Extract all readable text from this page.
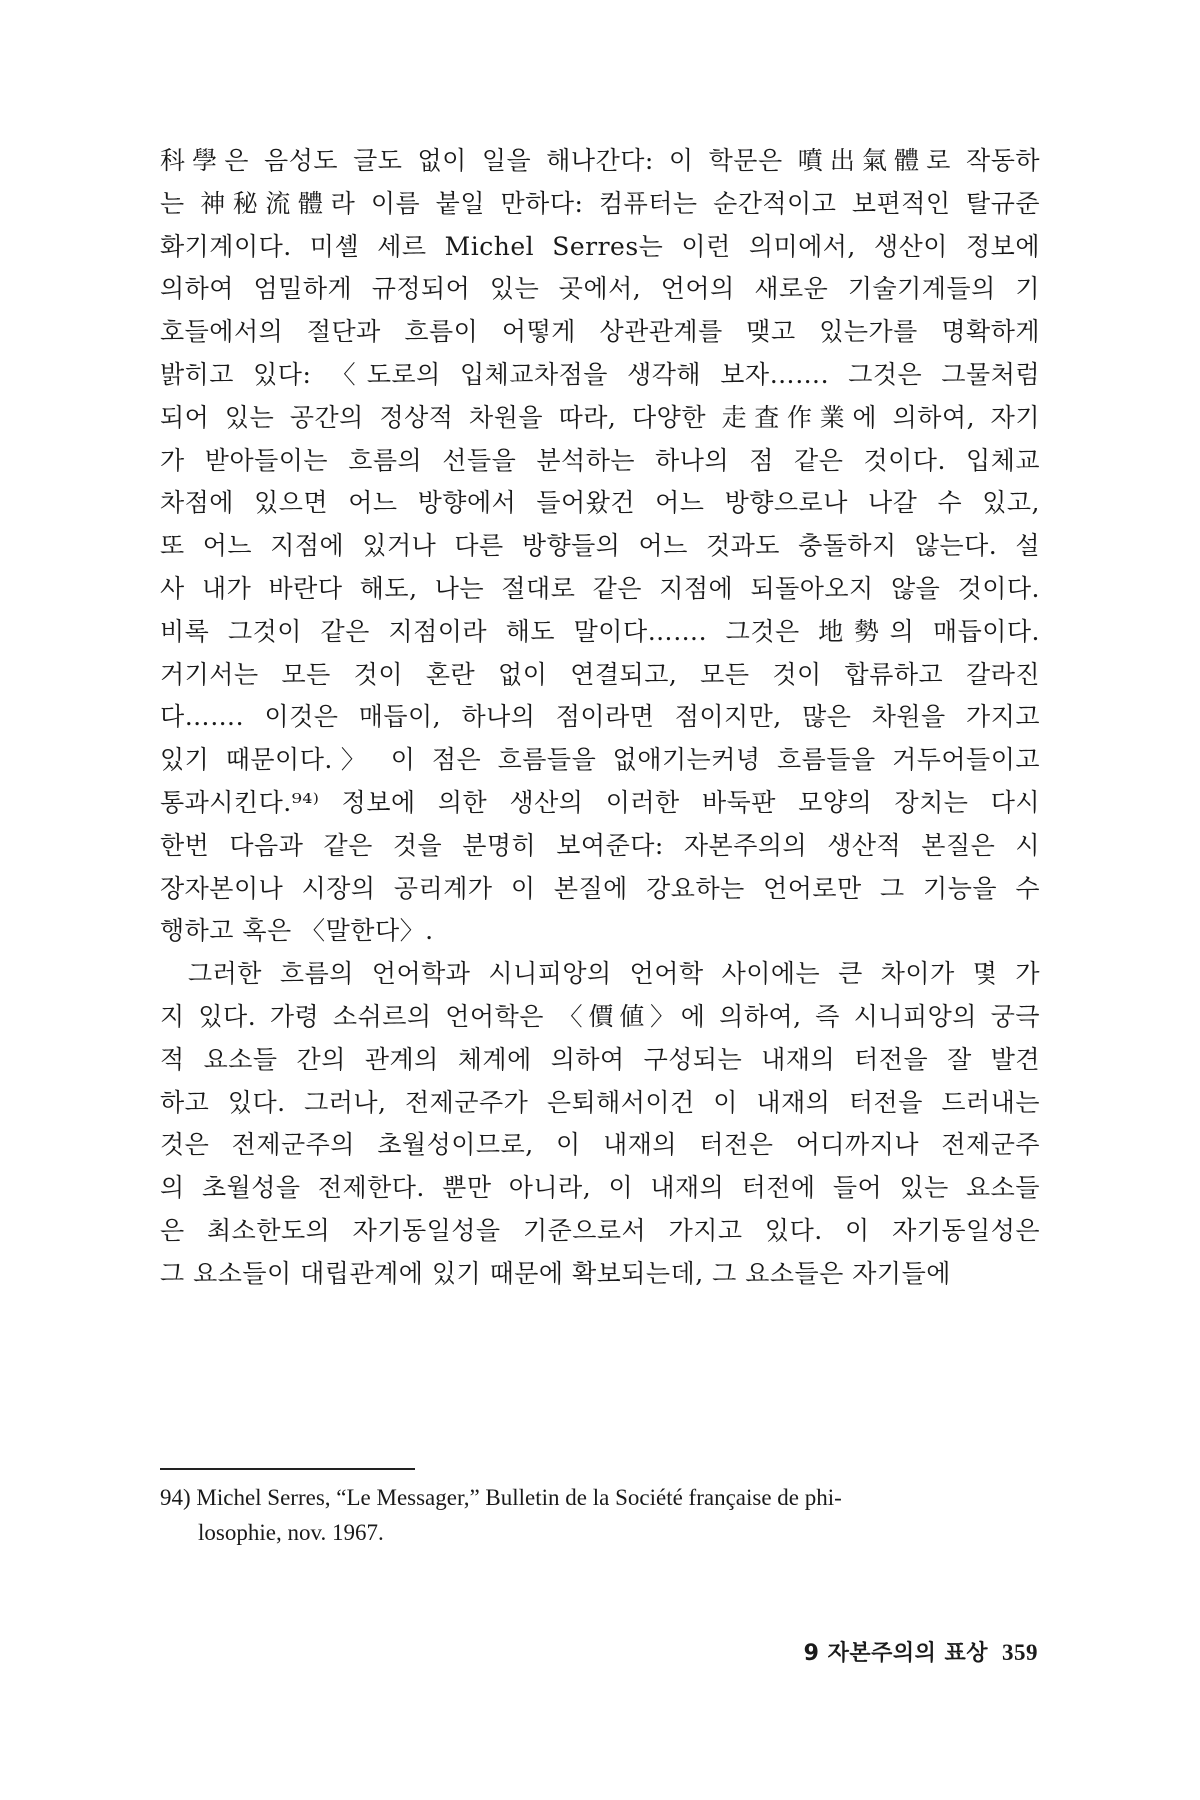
科學은 음성도 글도 없이 일을 해나간다: 이 학문은 噴出氣體로 작동하
는 神秘流體라 이름 붙일 만하다: 컴퓨터는 순간적이고 보편적인 탈규준
화기계이다. 미셸 세르 Michel Serres는 이런 의미에서, 생산이 정보에
의하여 엄밀하게 규정되어 있는 곳에서, 언어의 새로운 기술기계들의 기
호들에서의 절단과 흐름이 어떻게 상관관계를 맺고 있는가를 명확하게
밝히고 있다: 〈도로의 입체교차점을 생각해 보자……. 그것은 그물처럼
되어 있는 공간의 정상적 차원을 따라, 다양한 走査作業에 의하여, 자기
가 받아들이는 흐름의 선들을 분석하는 하나의 점 같은 것이다. 입체교
차점에 있으면 어느 방향에서 들어왔건 어느 방향으로나 나갈 수 있고,
또 어느 지점에 있거나 다른 방향들의 어느 것과도 충돌하지 않는다. 설
사 내가 바란다 해도, 나는 절대로 같은 지점에 되돌아오지 않을 것이다.
비록 그것이 같은 지점이라 해도 말이다……. 그것은 地勢의 매듭이다.
거기서는 모든 것이 혼란 없이 연결되고, 모든 것이 합류하고 갈라진
다……. 이것은 매듭이, 하나의 점이라면 점이지만, 많은 차원을 가지고
있기 때문이다.〉 이 점은 흐름들을 없애기는커녕 흐름들을 거두어들이고
통과시킨다.⁹⁴⁾ 정보에 의한 생산의 이러한 바둑판 모양의 장치는 다시
한번 다음과 같은 것을 분명히 보여준다: 자본주의의 생산적 본질은 시
장자본이나 시장의 공리계가 이 본질에 강요하는 언어로만 그 기능을 수
행하고 혹은 〈말한다〉.
그러한 흐름의 언어학과 시니피앙의 언어학 사이에는 큰 차이가 몇 가
지 있다. 가령 소쉬르의 언어학은 〈價値〉에 의하여, 즉 시니피앙의 궁극
적 요소들 간의 관계의 체계에 의하여 구성되는 내재의 터전을 잘 발견
하고 있다. 그러나, 전제군주가 은퇴해서이건 이 내재의 터전을 드러내는
것은 전제군주의 초월성이므로, 이 내재의 터전은 어디까지나 전제군주
의 초월성을 전제한다. 뿐만 아니라, 이 내재의 터전에 들어 있는 요소들
은 최소한도의 자기동일성을 기준으로서 가지고 있다. 이 자기동일성은
그 요소들이 대립관계에 있기 때문에 확보되는데, 그 요소들은 자기들에
94) Michel Serres, “Le Messager,” Bulletin de la Société française de phi-
losophie, nov. 1967.
9 자본주의의 표상 359
